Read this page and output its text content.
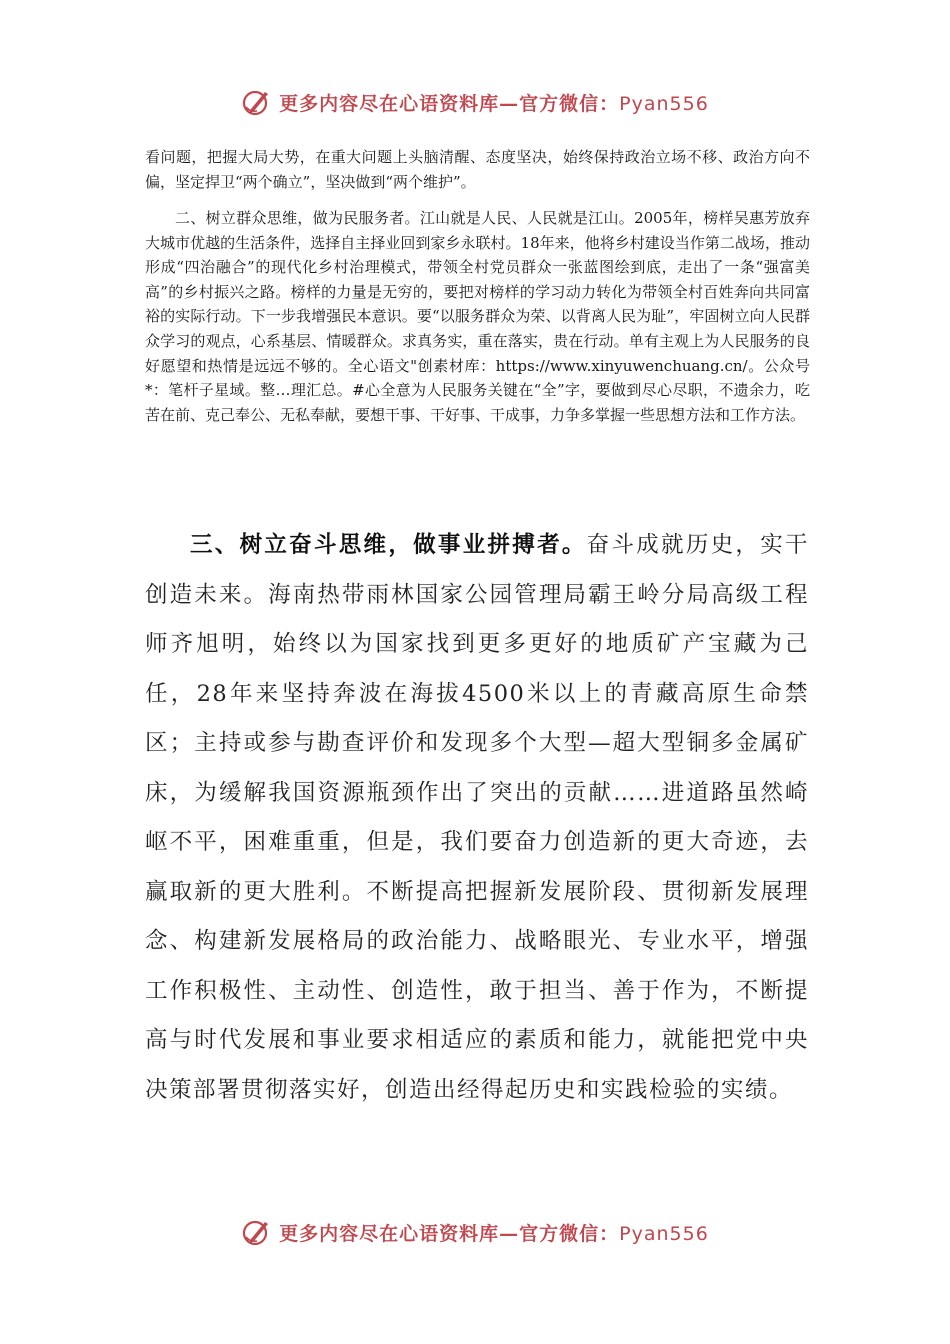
更多内容尽在心语资料库—官方微信：Pyan556

看问题，把握大局大势，在重大问题上头脑清醒、态度坚决，始终保持政治立场不移、政治方向不偏，坚定捍卫“两个确立”，坚决做到“两个维护”。

二、树立群众思维，做为民服务者。江山就是人民、人民就是江山。2005年，榜样吴惠芳放弃大城市优越的生活条件，选择自主择业回到家乡永联村。18年来，他将乡村建设当作第二战场，推动形成“四治融合”的现代化乡村治理模式，带领全村党员群众一张蓝图绘到底，走出了一条“强富美高”的乡村振兴之路。榜样的力量是无穷的，要把对榜样的学习动力转化为带领全村百姓奔向共同富裕的实际行动。下一步我增强民本意识。要“以服务群众为荣、以背离人民为耻”，牢固树立向人民群众学习的观点，心系基层、情暖群众。求真务实，重在落实，贵在行动。单有主观上为人民服务的良好愿望和热情是远远不够的。全心语文"创素材库：https://www.xinyuwenchuang.cn/。公众号*：笔杆子星域。整…理汇总。#心全意为人民服务关键在“全”字，要做到尽心尽职，不遗余力，吃苦在前、克己奉公、无私奉献，要想干事、干好事、干成事，力争多掌握一些思想方法和工作方法。

三、树立奋斗思维，做事业拼搏者。奋斗成就历史，实干创造未来。海南热带雨林国家公园管理局霸王岭分局高级工程师齐旭明，始终以为国家找到更多更好的地质矿产宝藏为己任，28年来坚持奔波在海拔4500米以上的青藏高原生命禁区；主持或参与勘查评价和发现多个大型—超大型铜多金属矿床，为缓解我国资源瓶颈作出了突出的贡献……进道路虽然崎岖不平，困难重重，但是，我们要奋力创造新的更大奇迹，去赢取新的更大胜利。不断提高把握新发展阶段、贯彻新发展理念、构建新发展格局的政治能力、战略眼光、专业水平，增强工作积极性、主动性、创造性，敢于担当、善于作为，不断提高与时代发展和事业要求相适应的素质和能力，就能把党中央决策部署贯彻落实好，创造出经得起历史和实践检验的实绩。

更多内容尽在心语资料库—官方微信：Pyan556
